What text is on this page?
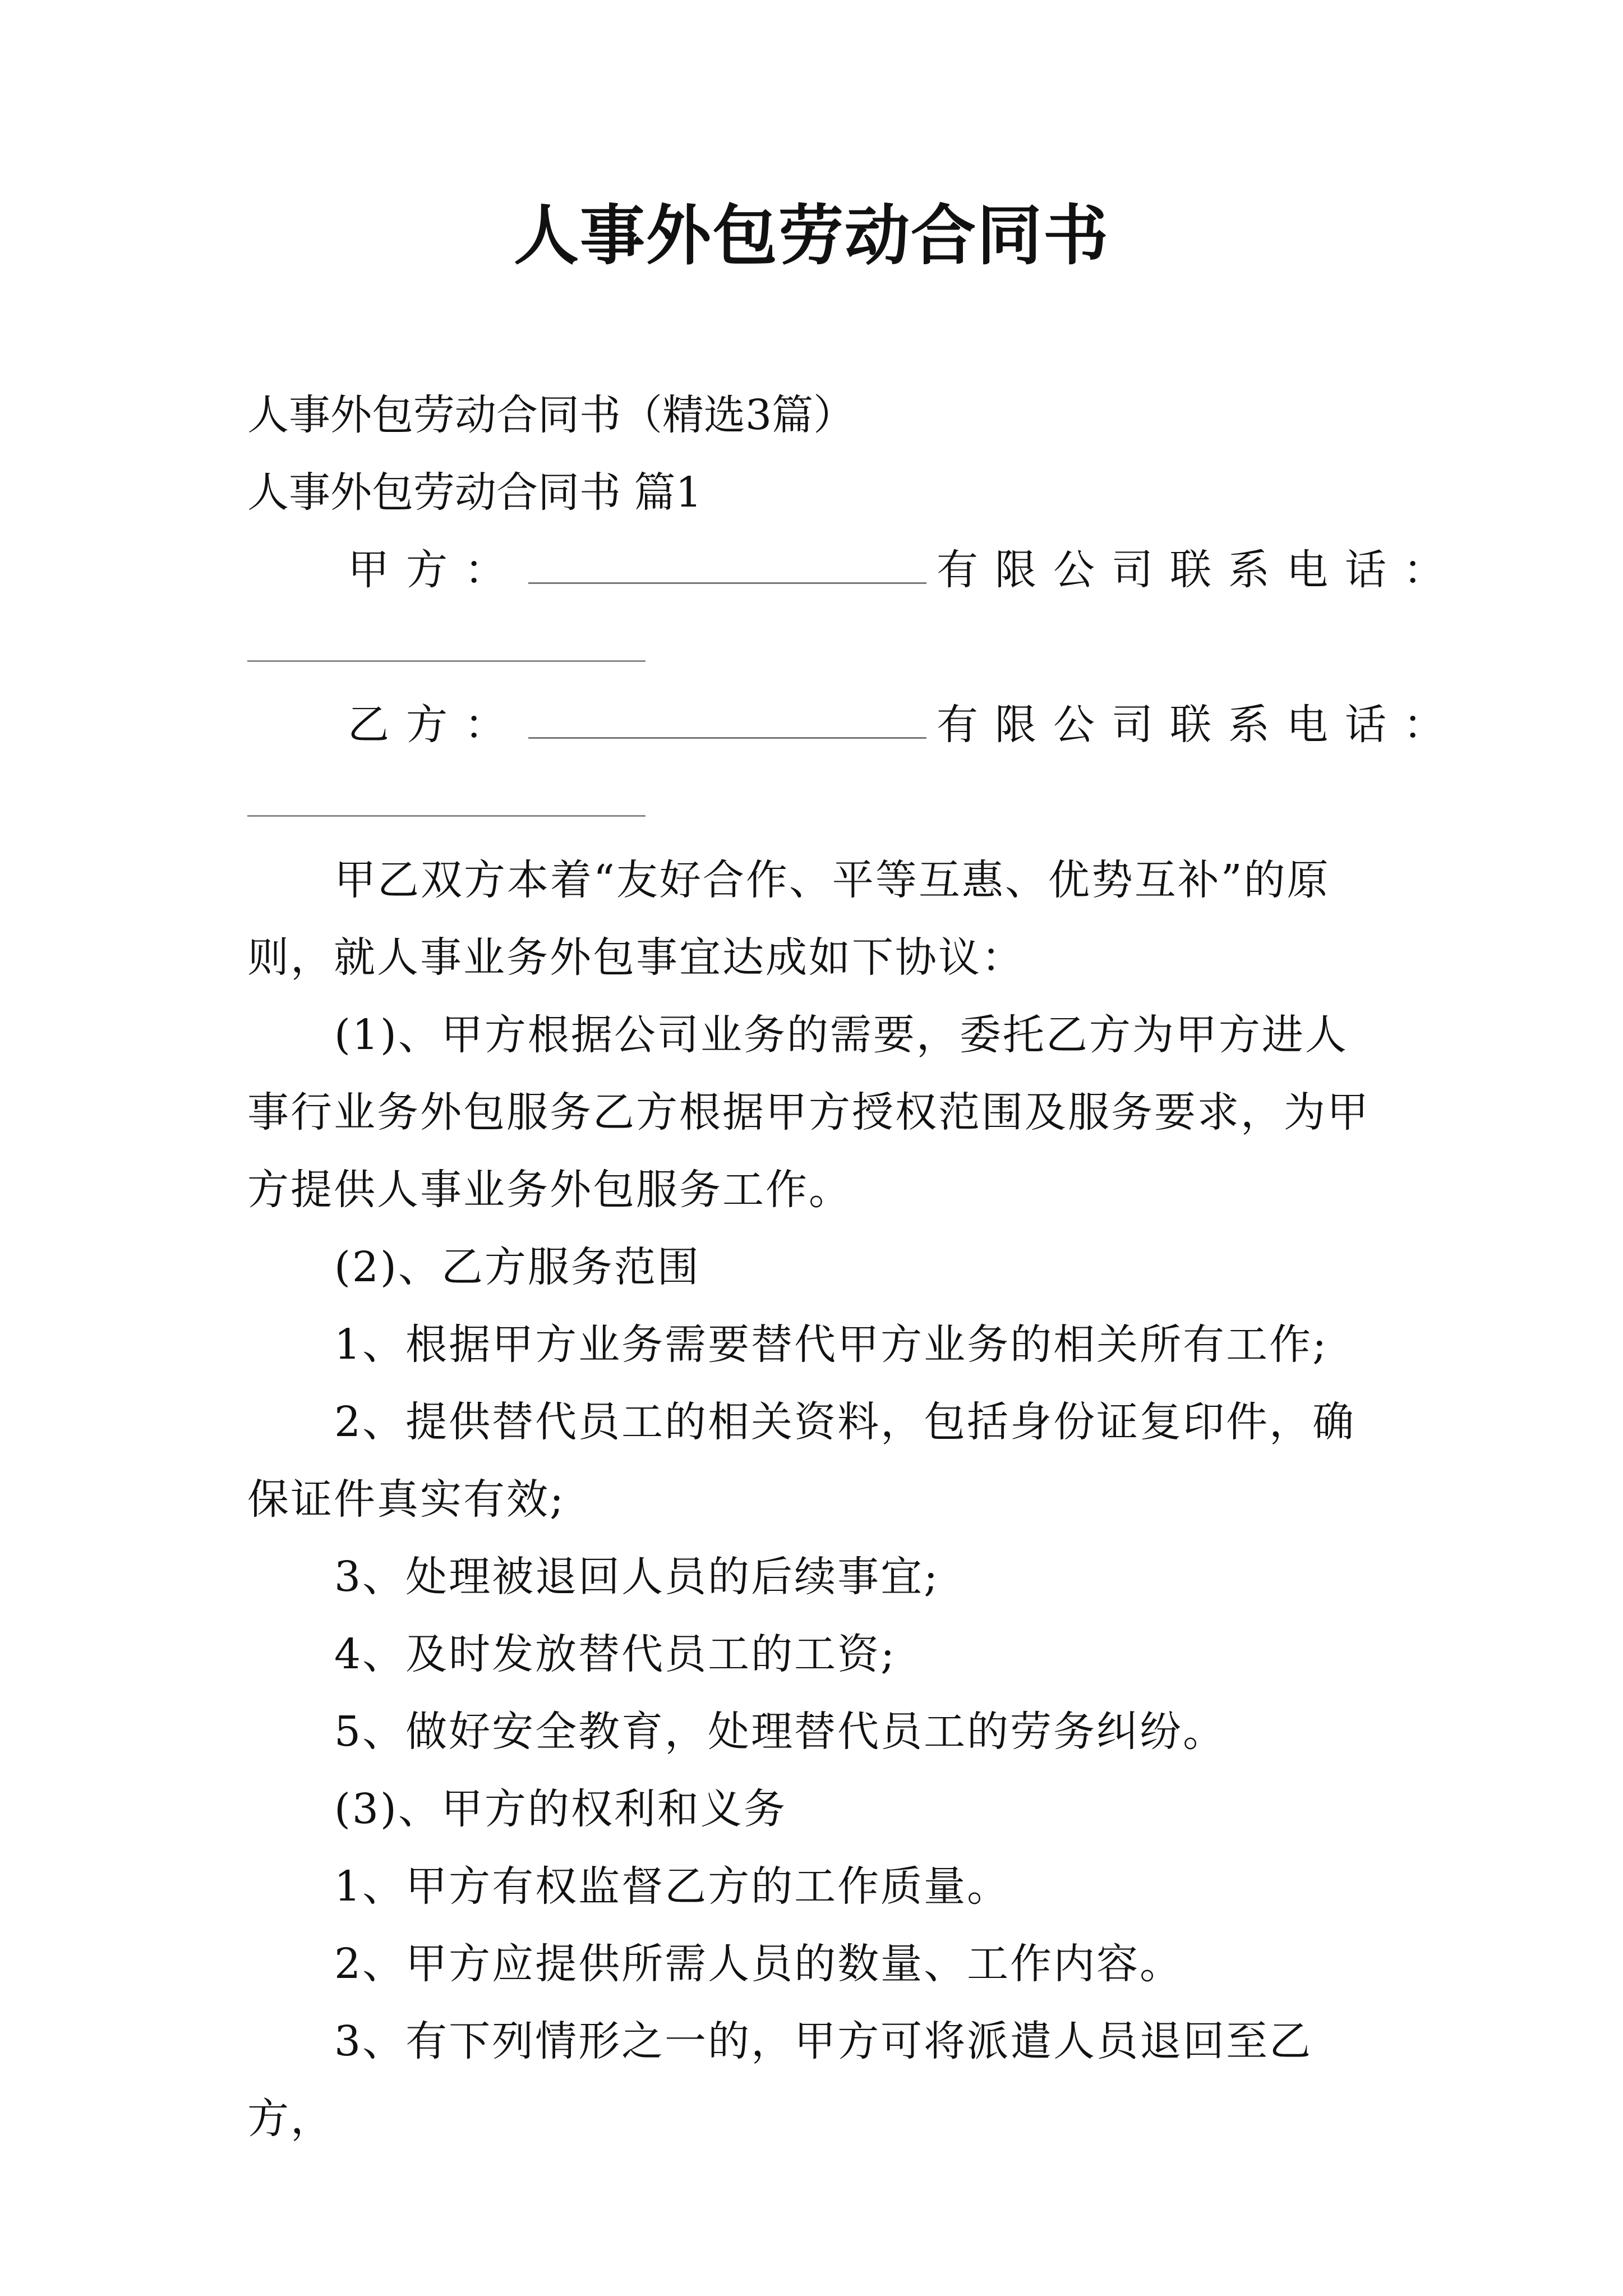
人事外包劳动合同书
人事外包劳动合同书（精选3篇）
人事外包劳动合同书 篇1
甲方：	有限公司联系电话：
乙方：	有限公司联系电话：
甲乙双方本着“友好合作、平等互惠、优势互补”的原则，就人事业务外包事宜达成如下协议：
(1)、甲方根据公司业务的需要，委托乙方为甲方进人事行业务外包服务乙方根据甲方授权范围及服务要求，为甲方提供人事业务外包服务工作。
(2)、乙方服务范围
1、根据甲方业务需要替代甲方业务的相关所有工作;
2、提供替代员工的相关资料，包括身份证复印件，确保证件真实有效;
3、处理被退回人员的后续事宜;
4、及时发放替代员工的工资;
5、做好安全教育，处理替代员工的劳务纠纷。
(3)、甲方的权利和义务
1、甲方有权监督乙方的工作质量。
2、甲方应提供所需人员的数量、工作内容。
3、有下列情形之一的，甲方可将派遣人员退回至乙方，
